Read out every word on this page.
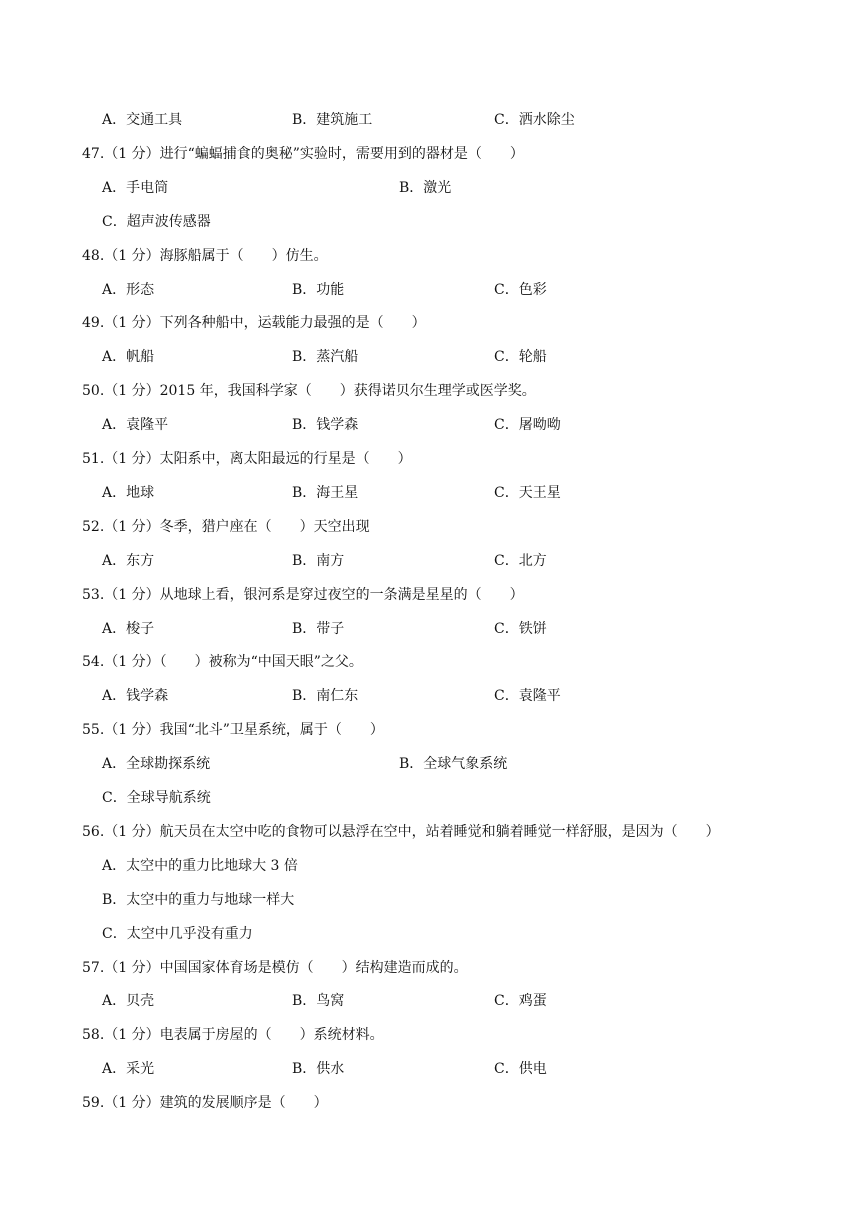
A．交通工具	B．建筑施工	C．洒水除尘
47.（1 分）进行“蝙蝠捕食的奥秘”实验时，需要用到的器材是（　　）
A．手电筒	B．激光
C．超声波传感器
48.（1 分）海豚船属于（　　）仿生。
A．形态	B．功能	C．色彩
49.（1 分）下列各种船中，运载能力最强的是（　　）
A．帆船	B．蒸汽船	C．轮船
50.（1 分）2015 年，我国科学家（　　）获得诺贝尔生理学或医学奖。
A．袁隆平	B．钱学森	C．屠呦呦
51.（1 分）太阳系中，离太阳最远的行星是（　　）
A．地球	B．海王星	C．天王星
52.（1 分）冬季，猎户座在（　　）天空出现
A．东方	B．南方	C．北方
53.（1 分）从地球上看，银河系是穿过夜空的一条满是星星的（　　）
A．梭子	B．带子	C．铁饼
54.（1 分）（　　）被称为“中国天眼”之父。
A．钱学森	B．南仁东	C．袁隆平
55.（1 分）我国“北斗”卫星系统，属于（　　）
A．全球勘探系统	B．全球气象系统
C．全球导航系统
56.（1 分）航天员在太空中吃的食物可以悬浮在空中，站着睡觉和躺着睡觉一样舒服，是因为（　　）
A．太空中的重力比地球大 3 倍
B．太空中的重力与地球一样大
C．太空中几乎没有重力
57.（1 分）中国国家体育场是模仿（　　）结构建造而成的。
A．贝壳	B．鸟窝	C．鸡蛋
58.（1 分）电表属于房屋的（　　）系统材料。
A．采光	B．供水	C．供电
59.（1 分）建筑的发展顺序是（　　）
